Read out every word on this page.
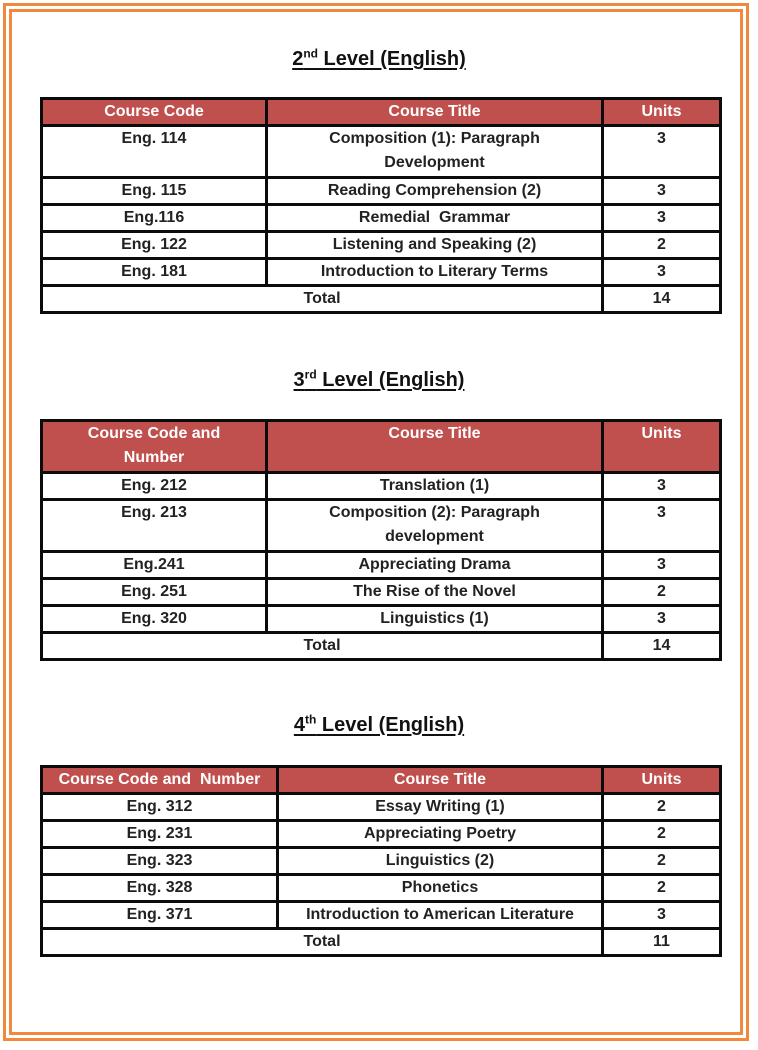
2nd Level (English)
Course Code	Course Title	Units
Eng. 114	Composition (1): Paragraph Development	3
Eng. 115	Reading Comprehension (2)	3
Eng.116	Remedial  Grammar	3
Eng. 122	Listening and Speaking (2)	2
Eng. 181	Introduction to Literary Terms	3
Total		14
3rd Level (English)
Course Code and Number	Course Title	Units
Eng. 212	Translation (1)	3
Eng. 213	Composition (2): Paragraph development	3
Eng.241	Appreciating Drama	3
Eng. 251	The Rise of the Novel	2
Eng. 320	Linguistics (1)	3
Total		14
4th Level (English)
Course Code and  Number	Course Title	Units
Eng. 312	Essay Writing (1)	2
Eng. 231	Appreciating Poetry	2
Eng. 323	Linguistics (2)	2
Eng. 328	Phonetics	2
Eng. 371	Introduction to American Literature	3
Total		11
